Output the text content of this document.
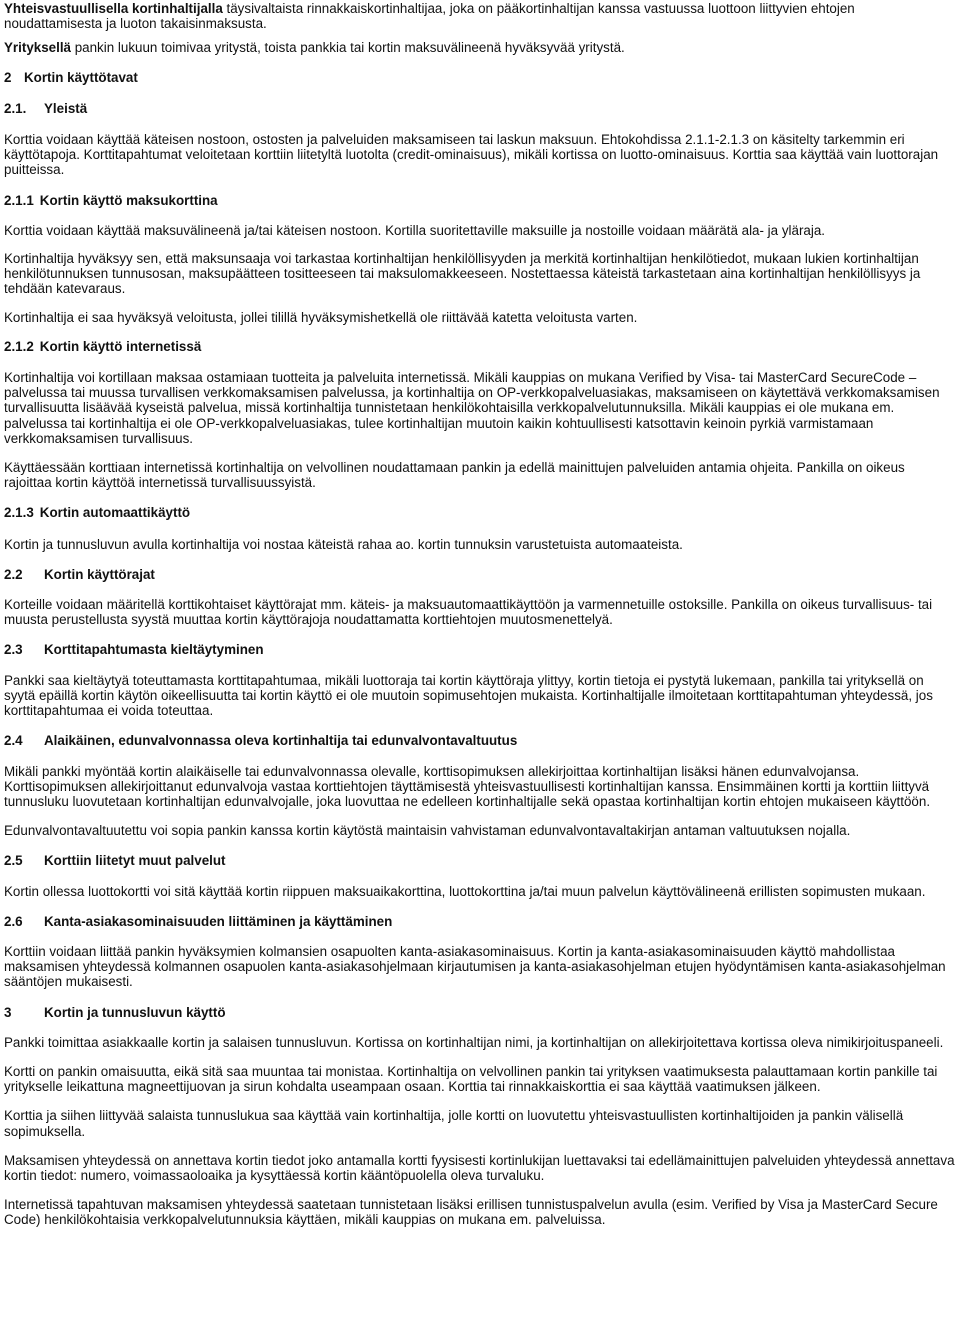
Yhteisvastuullisella kortinhaltijalla täysivaltaista rinnakkaiskortinhaltijaa, joka on pääkortinhaltijan kanssa vastuussa luottoon liittyvien ehtojen noudattamisesta ja luoton takaisinmaksusta.

Yrityksellä pankin lukuun toimivaa yritystä, toista pankkia tai kortin maksuvälineenä hyväksyvää yritystä.

2 Kortin käyttötavat
2.1. Yleistä

Korttia voidaan käyttää käteisen nostoon, ostosten ja palveluiden maksamiseen tai laskun maksuun. Ehtokohdissa 2.1.1-2.1.3 on käsitelty tarkemmin eri käyttötapoja. Korttitapahtumat veloitetaan korttiin liitetyltä luotolta (credit-ominaisuus), mikäli kortissa on luotto-ominaisuus. Korttia saa käyttää vain luottorajan puitteissa.

2.1.1 Kortin käyttö maksukorttina

Korttia voidaan käyttää maksuvälineenä ja/tai käteisen nostoon. Kortilla suoritettaville maksuille ja nostoille voidaan määrätä ala- ja yläraja.

Kortinhaltija hyväksyy sen, että maksunsaaja voi tarkastaa kortinhaltijan henkilöllisyyden ja merkitä kortinhaltijan henkilötiedot, mukaan lukien kortinhaltijan henkilötunnuksen tunnusosan, maksupäätteen tositteeseen tai maksulomakkeeseen. Nostettaessa käteistä tarkastetaan aina kortinhaltijan henkilöllisyys ja tehdään katevaraus.

Kortinhaltija ei saa hyväksyä veloitusta, jollei tilillä hyväksymishetkellä ole riittävää katetta veloitusta varten.

2.1.2 Kortin käyttö internetissä

Kortinhaltija voi kortillaan maksaa ostamiaan tuotteita ja palveluita internetissä. Mikäli kauppias on mukana Verified by Visa- tai MasterCard SecureCode –palvelussa tai muussa turvallisen verkkomaksamisen palvelussa, ja kortinhaltija on OP-verkkopalveluasiakas, maksamiseen on käytettävä verkkomaksamisen turvallisuutta lisäävää kyseistä palvelua, missä kortinhaltija tunnistetaan henkilökohtaisilla verkkopalvelutunnuksilla. Mikäli kauppias ei ole mukana em. palvelussa tai kortinhaltija ei ole OP-verkkopalveluasiakas, tulee kortinhaltijan muutoin kaikin kohtuullisesti katsottavin keinoin pyrkiä varmistamaan verkkomaksamisen turvallisuus.

Käyttäessään korttiaan internetissä kortinhaltija on velvollinen noudattamaan pankin ja edellä mainittujen palveluiden antamia ohjeita. Pankilla on oikeus rajoittaa kortin käyttöä internetissä turvallisuussyistä.

2.1.3 Kortin automaattikäyttö

Kortin ja tunnusluvun avulla kortinhaltija voi nostaa käteistä rahaa ao. kortin tunnuksin varustetuista automaateista.

2.2 Kortin käyttörajat

Korteille voidaan määritellä korttikohtaiset käyttörajat mm. käteis- ja maksuautomaattikäyttöön ja varmennetuille ostoksille. Pankilla on oikeus turvallisuus- tai muusta perustellusta syystä muuttaa kortin käyttörajoja noudattamatta korttiehtojen muutosmenettelyä.

2.3 Korttitapahtumasta kieltäytyminen

Pankki saa kieltäytyä toteuttamasta korttitapahtumaa, mikäli luottoraja tai kortin käyttöraja ylittyy, kortin tietoja ei pystytä lukemaan, pankilla tai yrityksellä on syytä epäillä kortin käytön oikeellisuutta tai kortin käyttö ei ole muutoin sopimusehtojen mukaista. Kortinhaltijalle ilmoitetaan korttitapahtuman yhteydessä, jos korttitapahtumaa ei voida toteuttaa.

2.4 Alaikäinen, edunvalvonnassa oleva kortinhaltija tai edunvalvontavaltuutus

Mikäli pankki myöntää kortin alaikäiselle tai edunvalvonnassa olevalle, korttisopimuksen allekirjoittaa kortinhaltijan lisäksi hänen edunvalvojansa. Korttisopimuksen allekirjoittanut edunvalvoja vastaa korttiehtojen täyttämisestä yhteisvastuullisesti kortinhaltijan kanssa. Ensimmäinen kortti ja korttiin liittyvä tunnusluku luovutetaan kortinhaltijan edunvalvojalle, joka luovuttaa ne edelleen kortinhaltijalle sekä opastaa kortinhaltijan kortin ehtojen mukaiseen käyttöön.

Edunvalvontavaltuutettu voi sopia pankin kanssa kortin käytöstä maintaisin vahvistaman edunvalvontavaltakirjan antaman valtuutuksen nojalla.

2.5 Korttiin liitetyt muut palvelut

Kortin ollessa luottokortti voi sitä käyttää kortin riippuen maksuaikakorttina, luottokorttina ja/tai muun palvelun käyttövälineenä erillisten sopimusten mukaan.

2.6 Kanta-asiakasominaisuuden liittäminen ja käyttäminen

Korttiin voidaan liittää pankin hyväksymien kolmansien osapuolten kanta-asiakasominaisuus. Kortin ja kanta-asiakasominaisuuden käyttö mahdollistaa maksamisen yhteydessä kolmannen osapuolen kanta-asiakasohjelmaan kirjautumisen ja kanta-asiakasohjelman etujen hyödyntämisen kanta-asiakasohjelman sääntöjen mukaisesti.

3 Kortin ja tunnusluvun käyttö

Pankki toimittaa asiakkaalle kortin ja salaisen tunnusluvun. Kortissa on kortinhaltijan nimi, ja kortinhaltijan on allekirjoitettava kortissa oleva nimikirjoituspaneeli.

Kortti on pankin omaisuutta, eikä sitä saa muuntaa tai monistaa. Kortinhaltija on velvollinen pankin tai yrityksen vaatimuksesta palauttamaan kortin pankille tai yritykselle leikattuna magneettijuovan ja sirun kohdalta useampaan osaan. Korttia tai rinnakkaiskorttia ei saa käyttää vaatimuksen jälkeen.

Korttia ja siihen liittyvää salaista tunnuslukua saa käyttää vain kortinhaltija, jolle kortti on luovutettu yhteisvastuullisten kortinhaltijoiden ja pankin välisellä sopimuksella.

Maksamisen yhteydessä on annettava kortin tiedot joko antamalla kortti fyysisesti kortinlukijan luettavaksi tai edellämainittujen palveluiden yhteydessä annettava kortin tiedot: numero, voimassaoloaika ja kysyttäessä kortin kääntöpuolella oleva turvaluku.

Internetissä tapahtuvan maksamisen yhteydessä saatetaan tunnistetaan lisäksi erillisen tunnistuspalvelun avulla (esim. Verified by Visa ja MasterCard Secure Code) henkilökohtaisia verkkopalvelutunnuksia käyttäen, mikäli kauppias on mukana em. palveluissa.
